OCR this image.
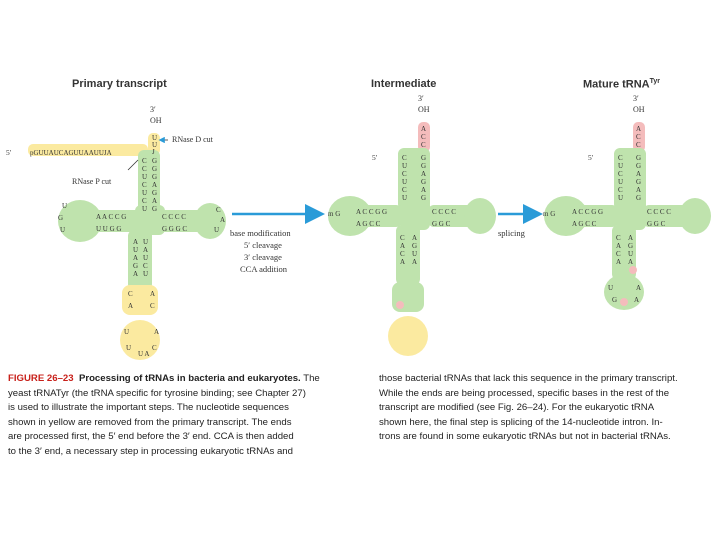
Primary transcript	Intermediate	Mature tRNA$^{Tyr}$
U
U
J
C
C
U
C
U
C
U
G
G
G
A
G
A
G
A A C C G
U U G G
U
G
U
C C C C
G G G C
C
A
U
A
U
A
G
A
U
A
U
C
U
C A
A C
U	A
U
U A
C
5′	pGUUAUCAGUUAAUUJA
3′
OH
RNase D cut
RNase P cut
base modification
5′ cleavage
3′ cleavage
CCA addition
A
C
C
C
U
C
U
C
U
G
G
A
G
A
G
A C C G G
A G C C
C C C C
G G C
C
A
C
A
A
G
U
A
m G
5′
3′
OH
splicing
A
C
C
C
U
C
U
C
U
G
G
A
G
A
G
A C C G G
A G C C
C C C C
G G C
C
A
C
A
A
G
U
A
U	A
G A
m G
5′
3′
OH
FIGURE 26–23 Processing of tRNAs in bacteria and eukaryotes. The
yeast tRNATyr (the tRNA specific for tyrosine binding; see Chapter 27)
is used to illustrate the important steps. The nucleotide sequences
shown in yellow are removed from the primary transcript. The ends
are processed first, the 5′ end before the 3′ end. CCA is then added
to the 3′ end, a necessary step in processing eukaryotic tRNAs and
those bacterial tRNAs that lack this sequence in the primary transcript.
While the ends are being processed, specific bases in the rest of the
transcript are modified (see Fig. 26–24). For the eukaryotic tRNA
shown here, the final step is splicing of the 14-nucleotide intron. In-
trons are found in some eukaryotic tRNAs but not in bacterial tRNAs.
